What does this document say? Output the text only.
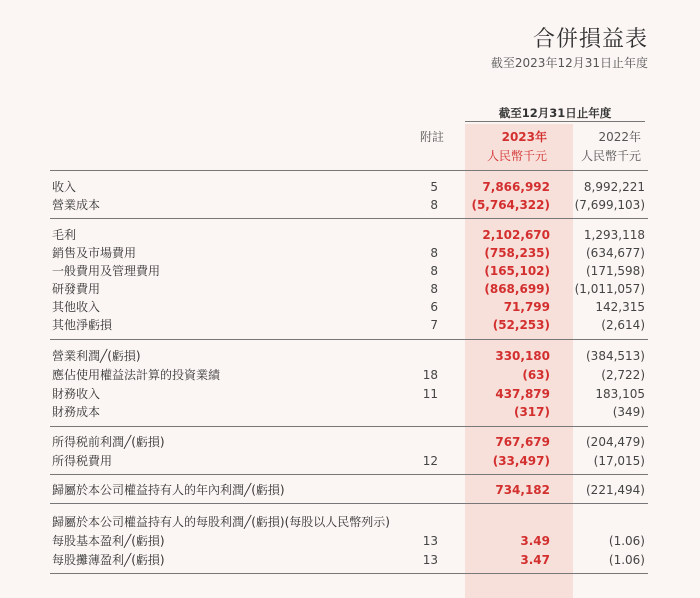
合併損益表
截至2023年12月31日止年度
截至12月31日止年度
附註	2023年
人民幣千元
2022年
人民幣千元
收入	5	7,866,992	8,992,221
營業成本	8	(5,764,322) (7,699,103)
毛利	2,102,670	1,293,118
銷售及市場費用	8	(758,235)	(634,677)
一般費用及管理費用	8	(165,102)	(171,598)
研發費用	8	(868,699) (1,011,057)
其他收入	6	71,799	142,315
其他淨虧損	7	(52,253)	(2,614)
營業利潤╱(虧損)	330,180	(384,513)
應佔使用權益法計算的投資業績	18	(63)	(2,722)
財務收入	11	437,879	183,105
財務成本	(317)	(349)
所得税前利潤╱(虧損)	767,679	(204,479)
所得税費用	12	(33,497)	(17,015)
歸屬於本公司權益持有人的年內利潤╱(虧損)	734,182	(221,494)
歸屬於本公司權益持有人的每股利潤╱(虧損)(每股以人民幣列示)
每股基本盈利╱(虧損)	13	3.49	(1.06)
每股攤薄盈利╱(虧損)	13	3.47	(1.06)
